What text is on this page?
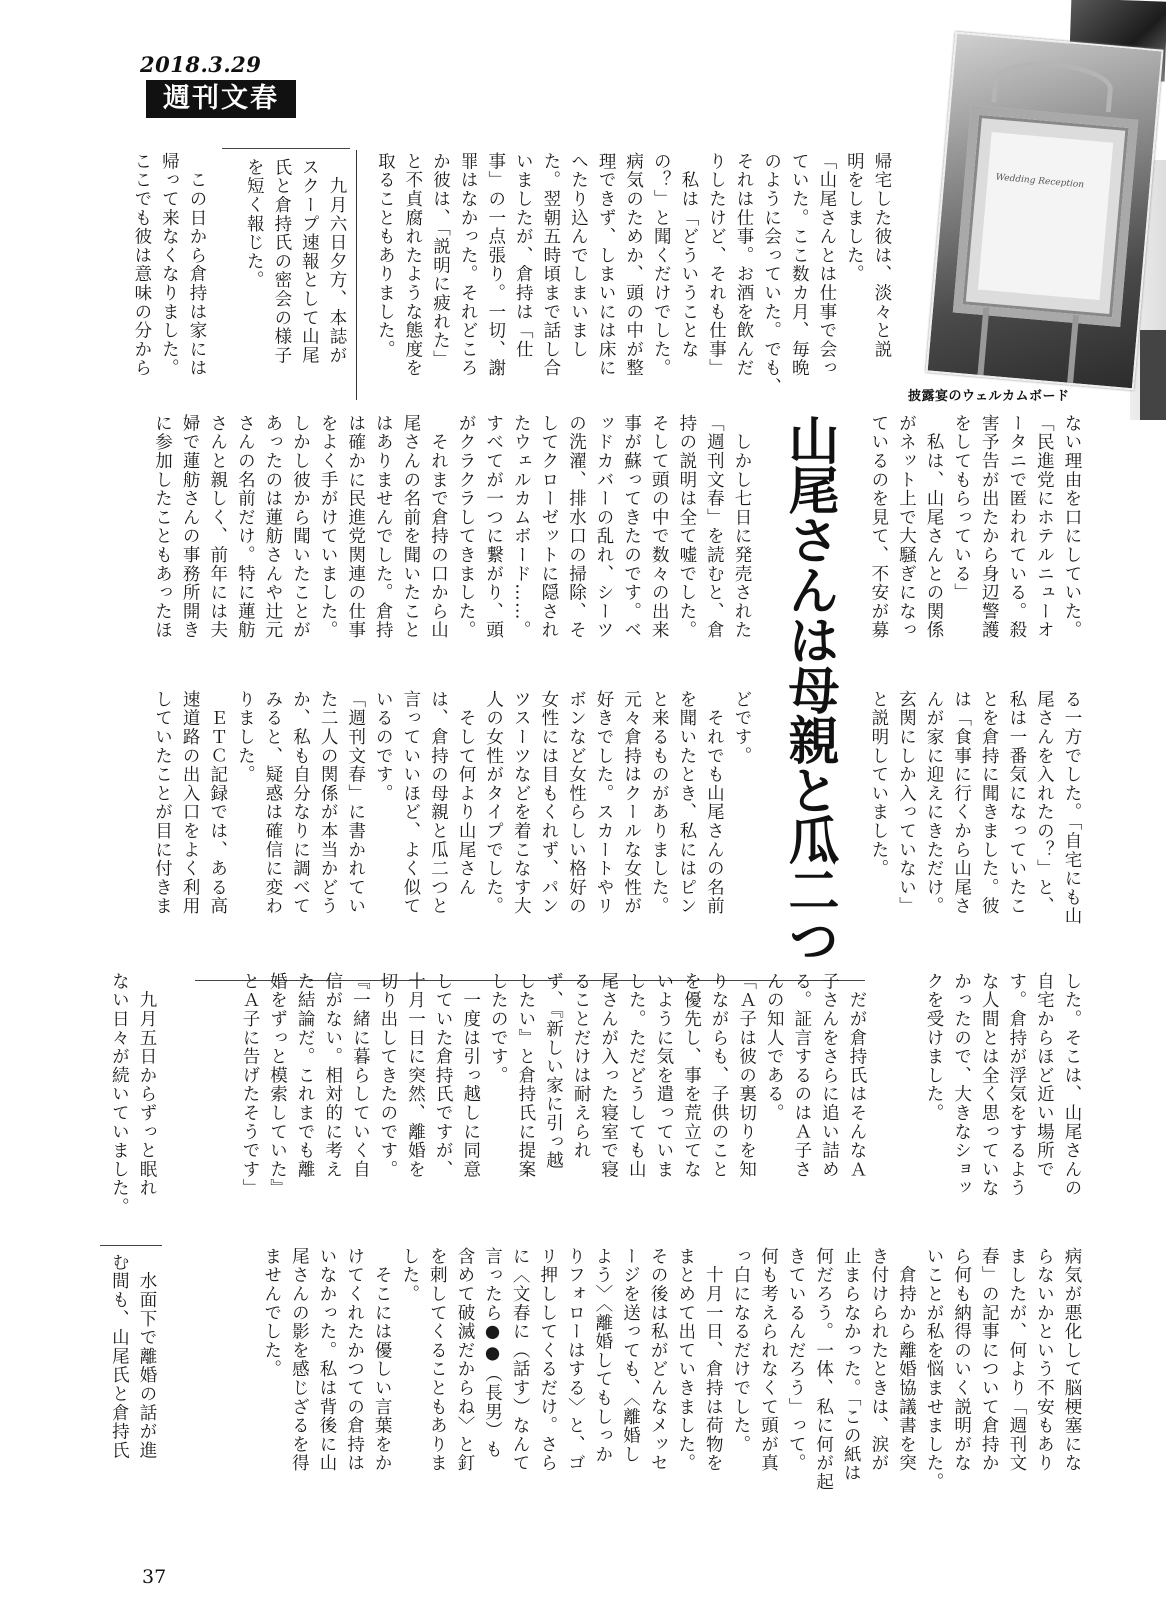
2018.3.29
週刊文春
Wedding Reception
披露宴のウェルカムボード
山尾さんは母親と瓜二つ
帰宅した彼は、淡々と説
明をしました。
「山尾さんとは仕事で会っ
ていた。ここ数カ月、毎晩
のように会っていた。でも、
それは仕事。お酒を飲んだ
りしたけど、それも仕事」
　私は「どういうことな
の？」と聞くだけでした。
病気のためか、頭の中が整
理できず、しまいには床に
へたり込んでしまいまし
た。翌朝五時頃まで話し合
いましたが、倉持は「仕
事」の一点張り。一切、謝
罪はなかった。それどころ
か彼は、「説明に疲れた」
と不貞腐れたような態度を
取ることもありました。
　九月六日夕方、本誌が
スクープ速報として山尾
氏と倉持氏の密会の様子
を短く報じた。
　この日から倉持は家には
帰って来なくなりました。
ここでも彼は意味の分から
ない理由を口にしていた。
「民進党にホテルニューオ
ータニで匿われている。殺
害予告が出たから身辺警護
をしてもらっている」
　私は、山尾さんとの関係
がネット上で大騒ぎになっ
ているのを見て、不安が募
る一方でした。「自宅にも山
尾さんを入れたの？」と、
私は一番気になっていたこ
とを倉持に聞きました。彼
は「食事に行くから山尾さ
んが家に迎えにきただけ。
玄関にしか入っていない」
と説明していました。
　しかし七日に発売された
「週刊文春」を読むと、倉
持の説明は全て嘘でした。
そして頭の中で数々の出来
事が蘇ってきたのです。ベ
ッドカバーの乱れ、シーツ
の洗濯、排水口の掃除、そ
してクローゼットに隠され
たウェルカムボード……。
すべてが一つに繋がり、頭
がクラクラしてきました。
　それまで倉持の口から山
尾さんの名前を聞いたこと
はありませんでした。倉持
は確かに民進党関連の仕事
をよく手がけていました。
しかし彼から聞いたことが
あったのは蓮舫さんや辻元
さんの名前だけ。特に蓮舫
さんと親しく、前年には夫
婦で蓮舫さんの事務所開き
に参加したこともあったほ
どです。
　それでも山尾さんの名前
を聞いたとき、私にはピン
と来るものがありました。
元々倉持はクールな女性が
好きでした。スカートやリ
ボンなど女性らしい格好の
女性には目もくれず、パン
ツスーツなどを着こなす大
人の女性がタイプでした。
　そして何より山尾さん
は、倉持の母親と瓜二つと
言っていいほど、よく似て
いるのです。
「週刊文春」に書かれてい
た二人の関係が本当かどう
か、私も自分なりに調べて
みると、疑惑は確信に変わ
りました。
　ＥＴＣ記録では、ある高
速道路の出入口をよく利用
していたことが目に付きま
した。そこは、山尾さんの
自宅からほど近い場所で
す。倉持が浮気をするよう
な人間とは全く思っていな
かったので、大きなショッ
クを受けました。
　だが倉持氏はそんなＡ
子さんをさらに追い詰め
る。証言するのはＡ子さ
んの知人である。
「Ａ子は彼の裏切りを知
りながらも、子供のこと
を優先し、事を荒立てな
いように気を遣っていま
した。ただどうしても山
尾さんが入った寝室で寝
ることだけは耐えられ
ず、『新しい家に引っ越
したい』と倉持氏に提案
したのです。
　一度は引っ越しに同意
していた倉持氏ですが、
十月一日に突然、離婚を
切り出してきたのです。
『一緒に暮らしていく自
信がない。相対的に考え
た結論だ。これまでも離
婚をずっと模索していた』
とＡ子に告げたそうです」
　九月五日からずっと眠れ
ない日々が続いていました。
病気が悪化して脳梗塞にな
らないかという不安もあり
ましたが、何より「週刊文
春」の記事について倉持か
ら何も納得のいく説明がな
いことが私を悩ませました。
　倉持から離婚協議書を突
き付けられたときは、涙が
止まらなかった。「この紙は
何だろう。一体、私に何が起
きているんだろう」って。
何も考えられなくて頭が真
っ白になるだけでした。
　十月一日、倉持は荷物を
まとめて出ていきました。
その後は私がどんなメッセ
ージを送っても、〈離婚し
よう〉〈離婚してもしっか
りフォローはする〉と、ゴ
リ押ししてくるだけ。さら
に〈文春に（話す）なんて
言ったら●●（長男）も
含めて破滅だからね〉と釘
を刺してくることもありま
した。
　そこには優しい言葉をか
けてくれたかつての倉持は
いなかった。私は背後に山
尾さんの影を感じざるを得
ませんでした。
　水面下で離婚の話が進
む間も、山尾氏と倉持氏
37
